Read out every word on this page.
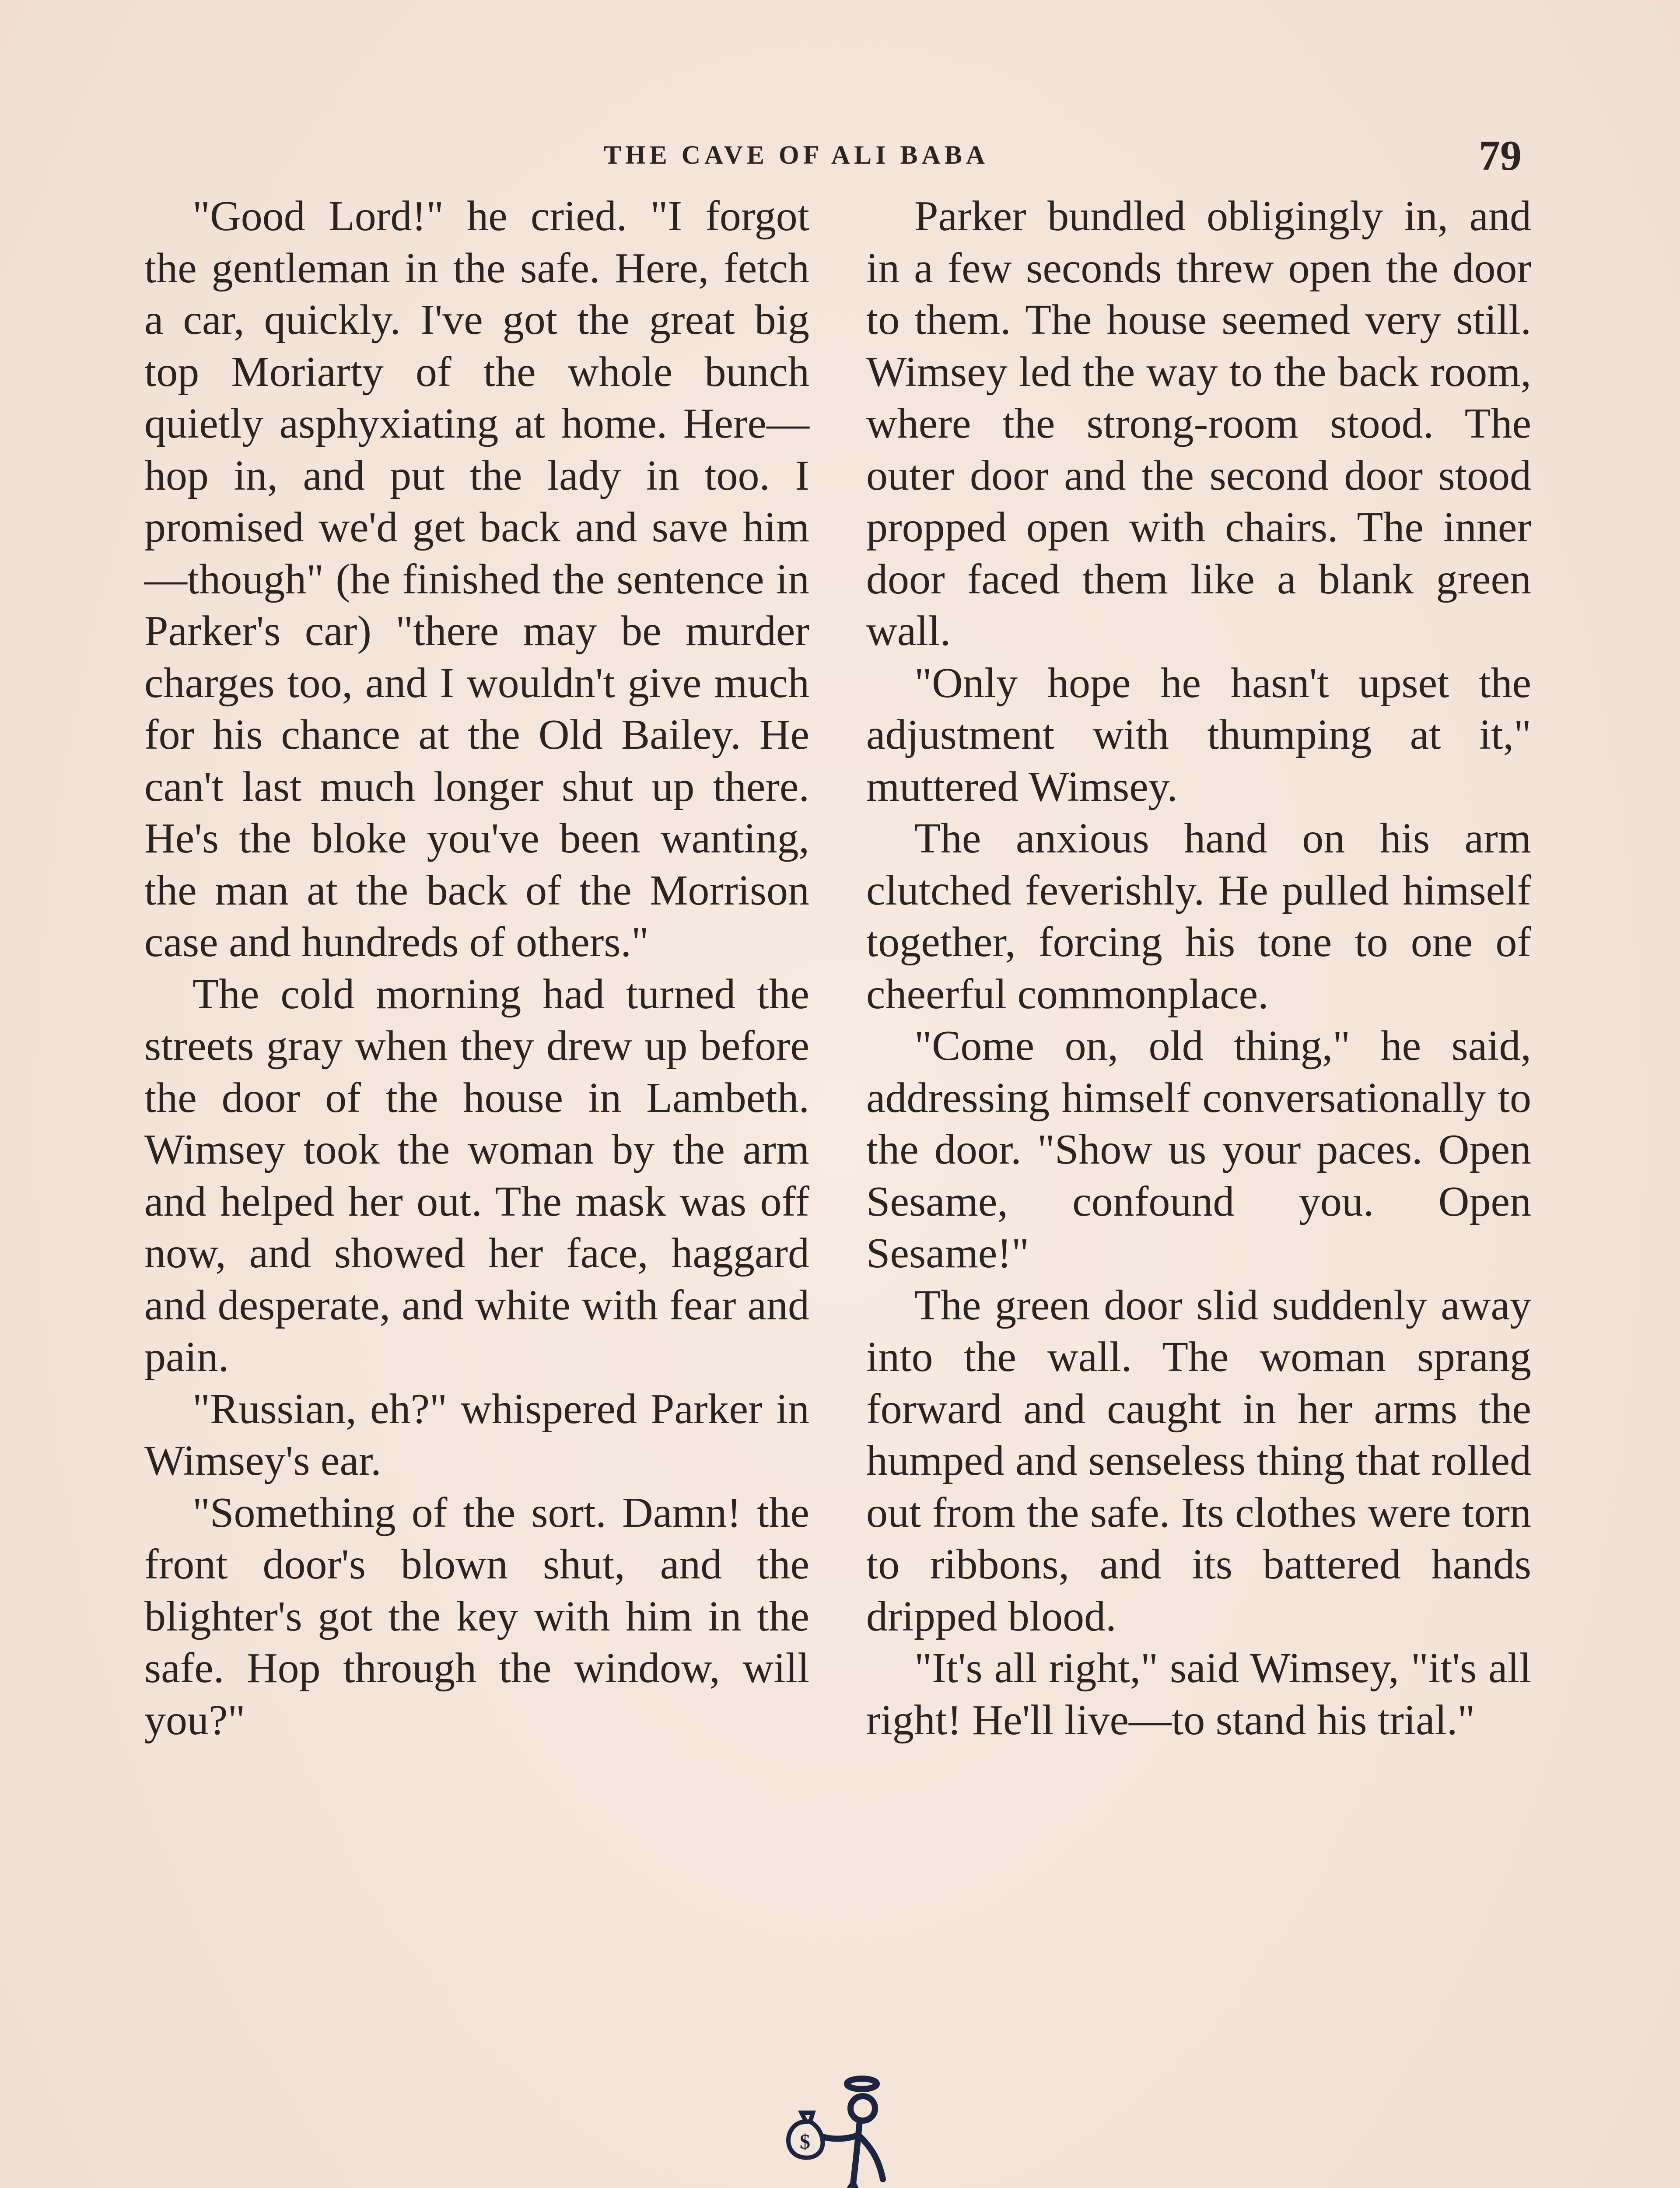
THE CAVE OF ALI BABA	79

"Good Lord!" he cried. "I forgot the gentleman in the safe. Here, fetch a car, quickly. I've got the great big top Moriarty of the whole bunch quietly asphyxiating at home. Here—hop in, and put the lady in too. I promised we'd get back and save him—though" (he finished the sentence in Parker's car) "there may be murder charges too, and I wouldn't give much for his chance at the Old Bailey. He can't last much longer shut up there. He's the bloke you've been wanting, the man at the back of the Morrison case and hundreds of others."

The cold morning had turned the streets gray when they drew up before the door of the house in Lambeth. Wimsey took the woman by the arm and helped her out. The mask was off now, and showed her face, haggard and desperate, and white with fear and pain.

"Russian, eh?" whispered Parker in Wimsey's ear.

"Something of the sort. Damn! the front door's blown shut, and the blighter's got the key with him in the safe. Hop through the window, will you?"

Parker bundled obligingly in, and in a few seconds threw open the door to them. The house seemed very still. Wimsey led the way to the back room, where the strong-room stood. The outer door and the second door stood propped open with chairs. The inner door faced them like a blank green wall.

"Only hope he hasn't upset the adjustment with thumping at it," muttered Wimsey.

The anxious hand on his arm clutched feverishly. He pulled himself together, forcing his tone to one of cheerful commonplace.

"Come on, old thing," he said, addressing himself conversationally to the door. "Show us your paces. Open Sesame, confound you. Open Sesame!"

The green door slid suddenly away into the wall. The woman sprang forward and caught in her arms the humped and senseless thing that rolled out from the safe. Its clothes were torn to ribbons, and its battered hands dripped blood.

"It's all right," said Wimsey, "it's all right! He'll live—to stand his trial."

$
